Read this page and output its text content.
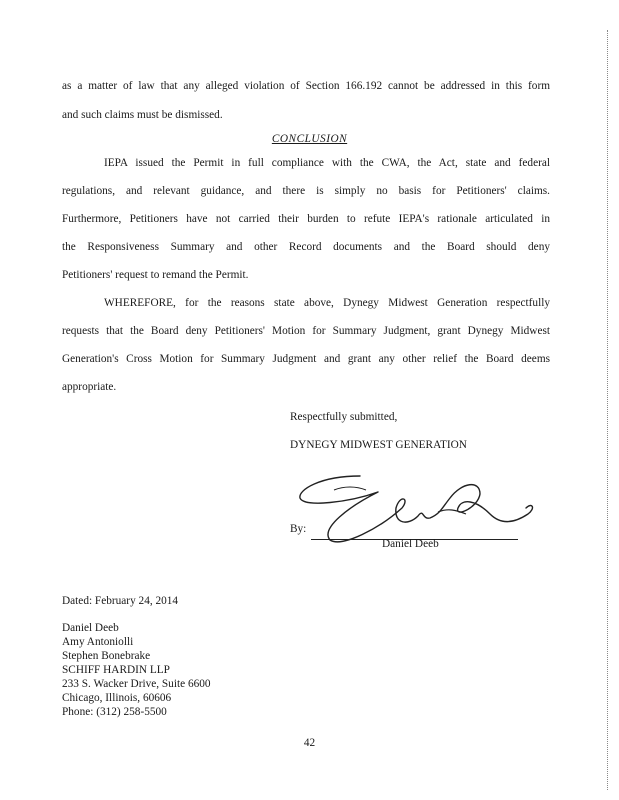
as a matter of law that any alleged violation of Section 166.192 cannot be addressed in this form
and such claims must be dismissed.
CONCLUSION
IEPA issued the Permit in full compliance with the CWA, the Act, state and federal
regulations, and relevant guidance, and there is simply no basis for Petitioners' claims.
Furthermore, Petitioners have not carried their burden to refute IEPA's rationale articulated in
the Responsiveness Summary and other Record documents and the Board should deny
Petitioners' request to remand the Permit.
WHEREFORE, for the reasons state above, Dynegy Midwest Generation respectfully
requests that the Board deny Petitioners' Motion for Summary Judgment, grant Dynegy Midwest
Generation's Cross Motion for Summary Judgment and grant any other relief the Board deems
appropriate.
Respectfully submitted,
DYNEGY MIDWEST GENERATION
By:
Daniel Deeb
Dated: February 24, 2014
Daniel Deeb
Amy Antoniolli
Stephen Bonebrake
SCHIFF HARDIN LLP
233 S. Wacker Drive, Suite 6600
Chicago, Illinois, 60606
Phone: (312) 258-5500
42
